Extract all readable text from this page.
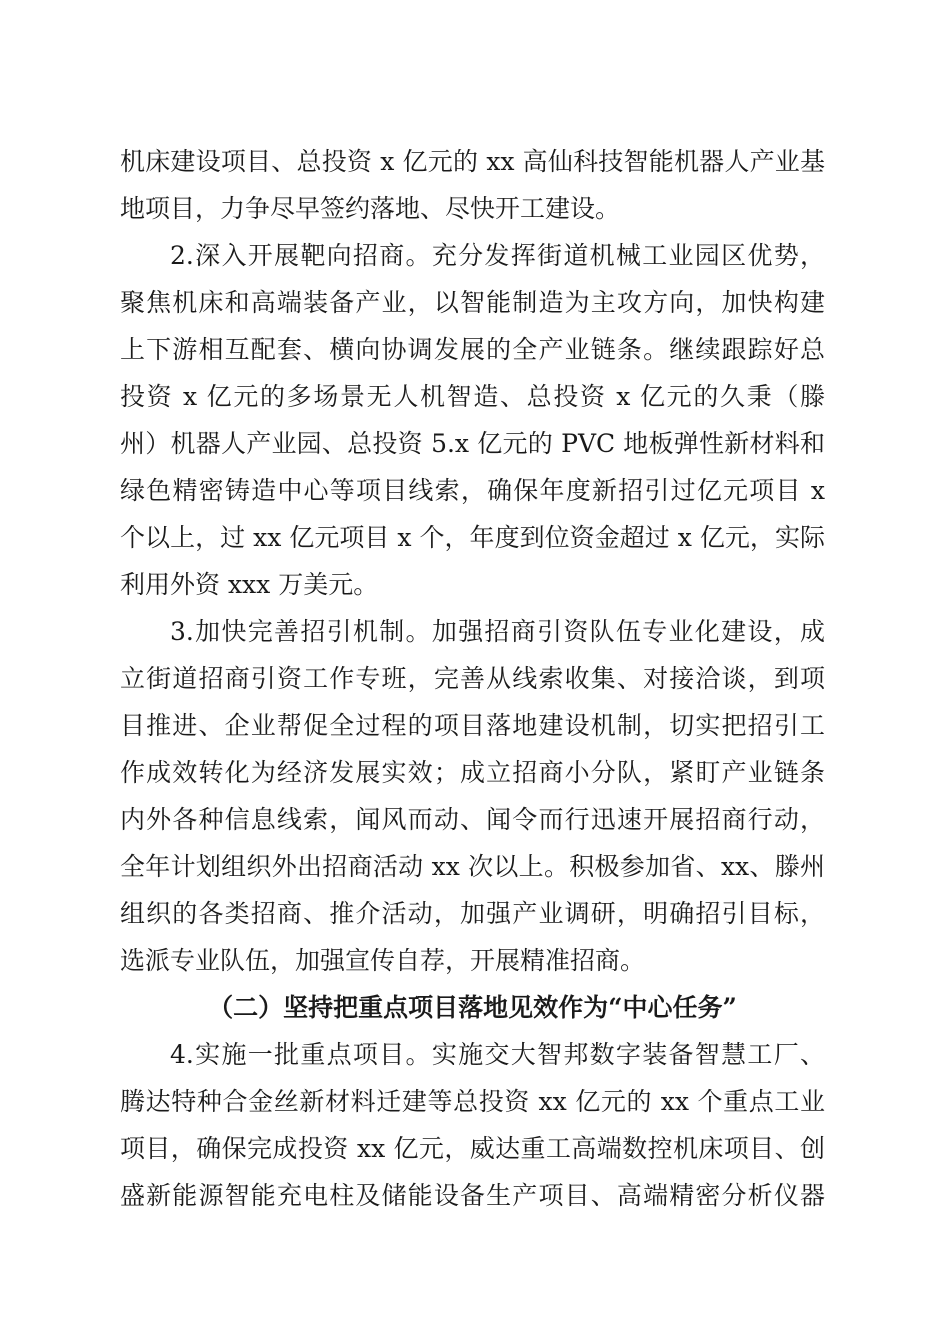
机床建设项目、总投资 x 亿元的 xx 高仙科技智能机器人产业基
地项目，力争尽早签约落地、尽快开工建设。
2.深入开展靶向招商。充分发挥街道机械工业园区优势，
聚焦机床和高端装备产业，以智能制造为主攻方向，加快构建
上下游相互配套、横向协调发展的全产业链条。继续跟踪好总
投资 x 亿元的多场景无人机智造、总投资 x 亿元的久秉（滕
州）机器人产业园、总投资 5.x 亿元的 PVC 地板弹性新材料和
绿色精密铸造中心等项目线索，确保年度新招引过亿元项目 x
个以上，过 xx 亿元项目 x 个，年度到位资金超过 x 亿元，实际
利用外资 xxx 万美元。
3.加快完善招引机制。加强招商引资队伍专业化建设，成
立街道招商引资工作专班，完善从线索收集、对接洽谈，到项
目推进、企业帮促全过程的项目落地建设机制，切实把招引工
作成效转化为经济发展实效；成立招商小分队，紧盯产业链条
内外各种信息线索，闻风而动、闻令而行迅速开展招商行动，
全年计划组织外出招商活动 xx 次以上。积极参加省、xx、滕州
组织的各类招商、推介活动，加强产业调研，明确招引目标，
选派专业队伍，加强宣传自荐，开展精准招商。
（二）坚持把重点项目落地见效作为“中心任务”
4.实施一批重点项目。实施交大智邦数字装备智慧工厂、
腾达特种合金丝新材料迁建等总投资 xx 亿元的 xx 个重点工业
项目，确保完成投资 xx 亿元，威达重工高端数控机床项目、创
盛新能源智能充电柱及储能设备生产项目、高端精密分析仪器
